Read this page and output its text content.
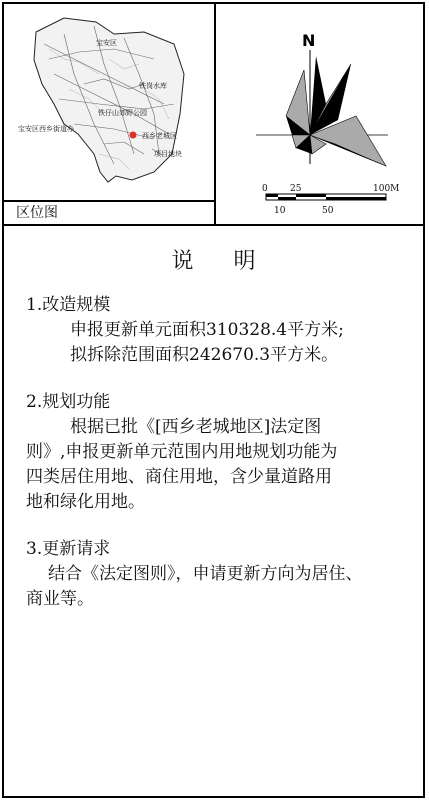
宝安区
铁岗水库
铁仔山郊野公园
宝安区西乡街道办
西乡老城区
项目地块
区位图
N
0 25	100M
10	50
说明
1.改造规模
申报更新单元面积310328.4平方米;
拟拆除范围面积242670.3平方米。
2.规划功能
根据已批《[西乡老城地区]法定图
则》,申报更新单元范围内用地规划功能为
四类居住用地、商住用地，含少量道路用
地和绿化用地。
3.更新请求
结合《法定图则》，申请更新方向为居住、
商业等。
